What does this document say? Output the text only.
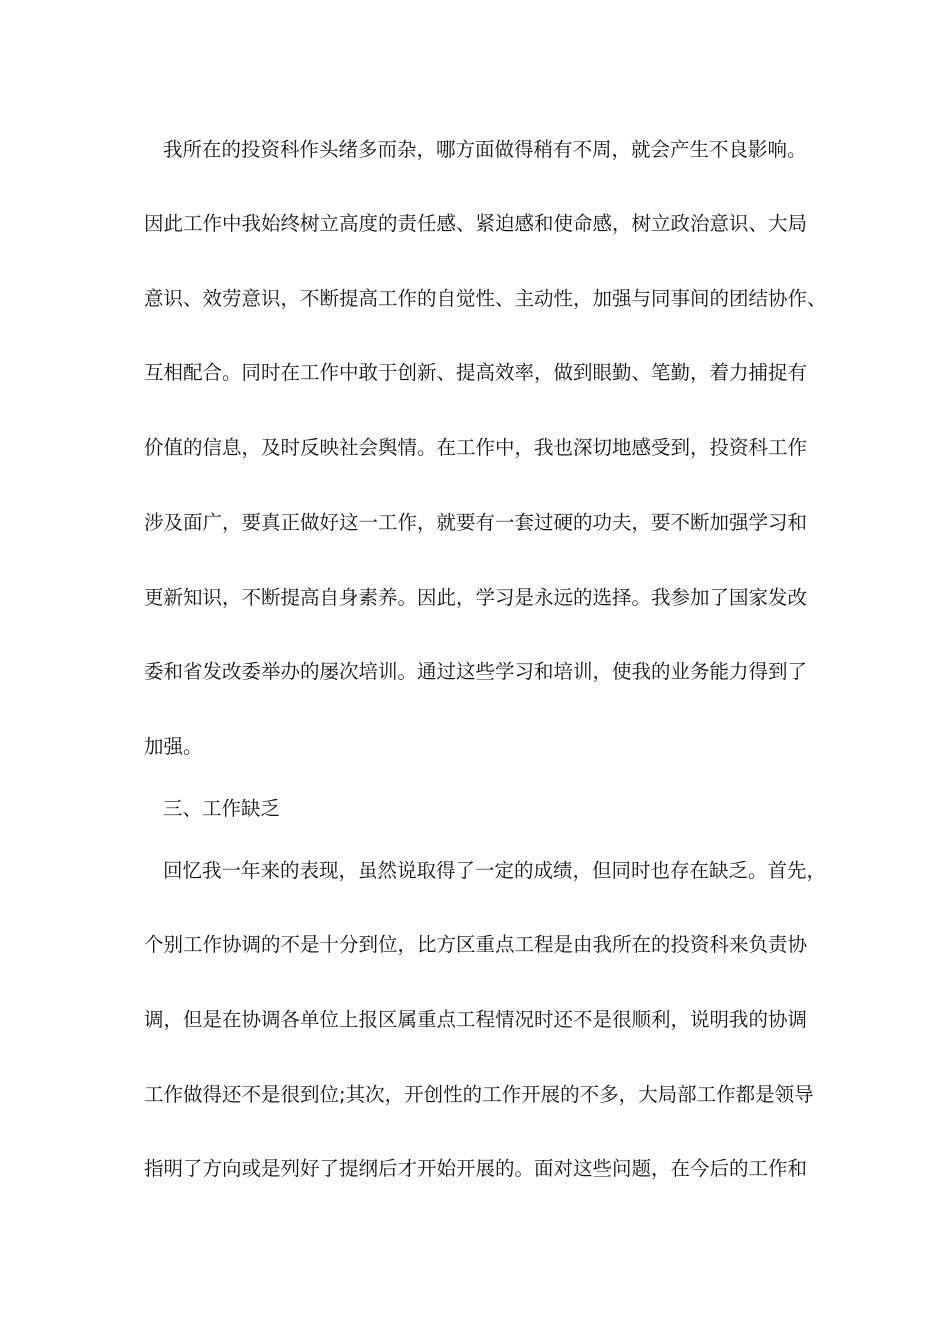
我所在的投资科作头绪多而杂，哪方面做得稍有不周，就会产生不良影响。
因此工作中我始终树立高度的责任感、紧迫感和使命感，树立政治意识、大局
意识、效劳意识，不断提高工作的自觉性、主动性，加强与同事间的团结协作、
互相配合。同时在工作中敢于创新、提高效率，做到眼勤、笔勤，着力捕捉有
价值的信息，及时反映社会舆情。在工作中，我也深切地感受到，投资科工作
涉及面广，要真正做好这一工作，就要有一套过硬的功夫，要不断加强学习和
更新知识，不断提高自身素养。因此，学习是永远的选择。我参加了国家发改
委和省发改委举办的屡次培训。通过这些学习和培训，使我的业务能力得到了
加强。
三、工作缺乏
回忆我一年来的表现，虽然说取得了一定的成绩，但同时也存在缺乏。首先，
个别工作协调的不是十分到位，比方区重点工程是由我所在的投资科来负责协
调，但是在协调各单位上报区属重点工程情况时还不是很顺利，说明我的协调
工作做得还不是很到位;其次，开创性的工作开展的不多，大局部工作都是领导
指明了方向或是列好了提纲后才开始开展的。面对这些问题，在今后的工作和
